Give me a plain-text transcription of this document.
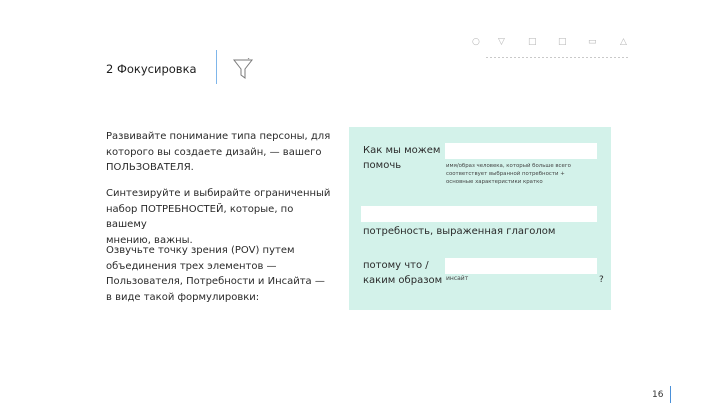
○ ▽	□ □ ▭	△
2 Фокусировка
Развивайте понимание типа персоны, для
которого вы создаете дизайн, — вашего
ПОЛЬЗОВАТЕЛЯ.
Синтезируйте и выбирайте ограниченный
набор ПОТРЕБНОСТЕЙ, которые, по вашему
мнению, важны.
Озвучьте точку зрения (POV) путем
объединения трех элементов —
Пользователя, Потребности и Инсайта —
в виде такой формулировки:
Как мы можем
помочь	имя/образ человека, который больше всего
соответствует выбранной потребности +
основные характеристики кратко
потребность, выраженная глаголом
потому что /
каким образом инсайт	?
16
